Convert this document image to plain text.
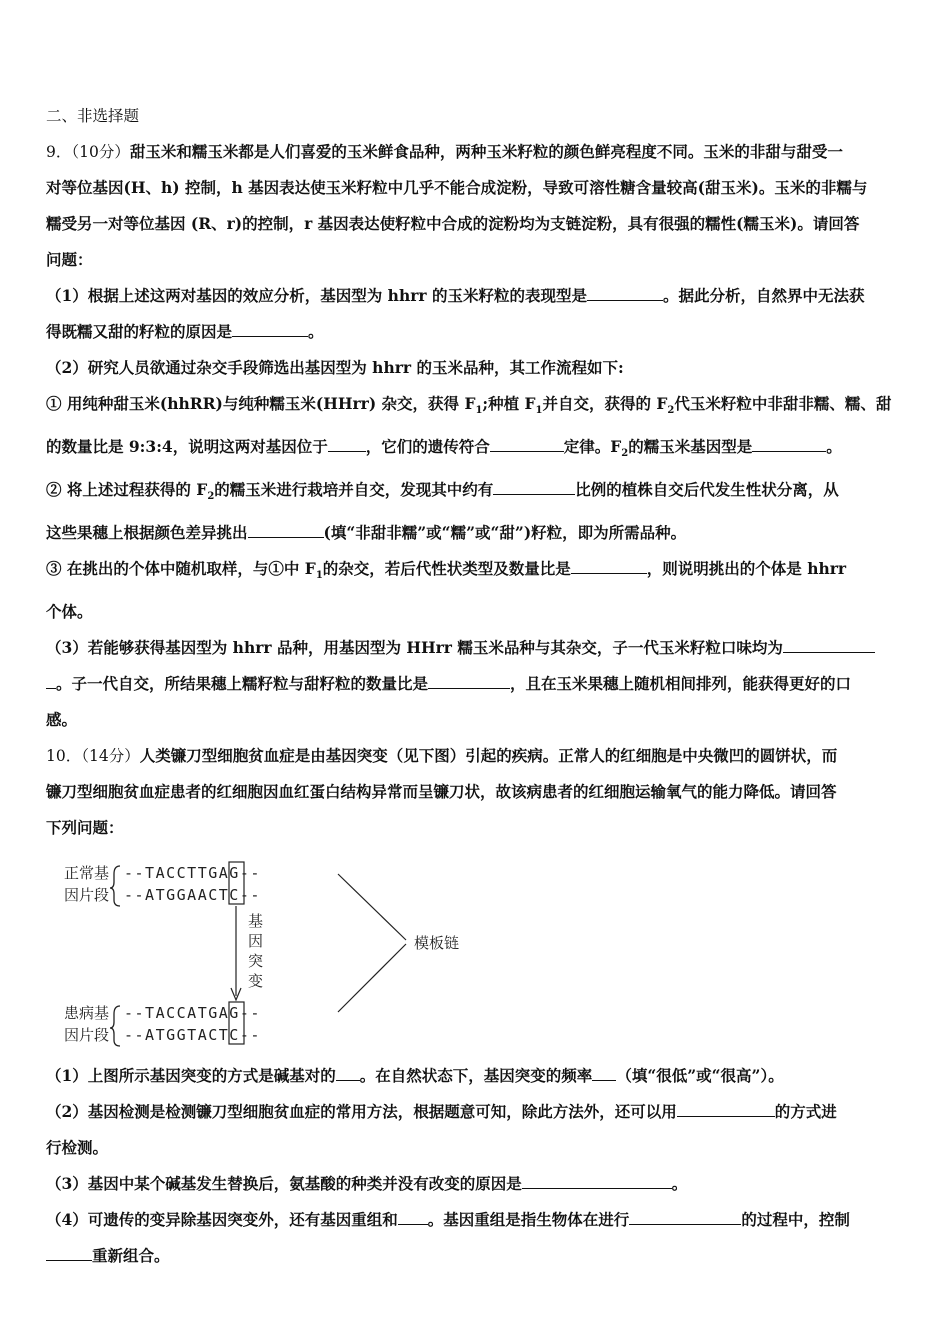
二、非选择题
9．（10分）甜玉米和糯玉米都是人们喜爱的玉米鲜食品种，两种玉米籽粒的颜色鲜亮程度不同。玉米的非甜与甜受一
对等位基因(H、h) 控制，h 基因表达使玉米籽粒中几乎不能合成淀粉，导致可溶性糖含量较高(甜玉米)。玉米的非糯与
糯受另一对等位基因 (R、r)的控制，r 基因表达使籽粒中合成的淀粉均为支链淀粉，具有很强的糯性(糯玉米)。请回答
问题：
（1）根据上述这两对基因的效应分析，基因型为 hhrr 的玉米籽粒的表现型是	。据此分析，自然界中无法获
得既糯又甜的籽粒的原因是	。
（2）研究人员欲通过杂交手段筛选出基因型为 hhrr 的玉米品种，其工作流程如下:
① 用纯种甜玉米(hhRR)与纯种糯玉米(HHrr) 杂交，获得 $F_1$;种植 $F_1$并自交，获得的 $F_2$代玉米籽粒中非甜非糯、糯、甜
的数量比是 9:3:4，说明这两对基因位于 ，它们的遗传符合	定律。$F_2$的糯玉米基因型是	。
② 将上述过程获得的 $F_2$的糯玉米进行栽培并自交，发现其中约有	比例的植株自交后代发生性状分离，从
这些果穗上根据颜色差异挑出	(填“非甜非糯”或“糯”或“甜”)籽粒，即为所需品种。
③ 在挑出的个体中随机取样，与①中 $F_1$的杂交，若后代性状类型及数量比是	，则说明挑出的个体是 hhrr
个体。
（3）若能够获得基因型为 hhrr 品种，用基因型为 HHrr 糯玉米品种与其杂交，子一代玉米籽粒口味均为
。子一代自交，所结果穗上糯籽粒与甜籽粒的数量比是	，且在玉米果穗上随机相间排列，能获得更好的口
感。
10．（14分）人类镰刀型细胞贫血症是由基因突变（见下图）引起的疾病。正常人的红细胞是中央微凹的圆饼状，而
镰刀型细胞贫血症患者的红细胞因血红蛋白结构异常而呈镰刀状，故该病患者的红细胞运输氧气的能力降低。请回答
下列问题：
正常基
因片段
患病基
因片段
模板链
--TACCTTGAG--
--ATGGAACTC--
--TACCATGAG--
--ATGGTACTC--
基
因
突
变
（1）上图所示基因突变的方式是碱基对的 。在自然状态下，基因突变的频率 （填“很低”或“很高”）。
（2）基因检测是检测镰刀型细胞贫血症的常用方法，根据题意可知，除此方法外，还可以用	的方式进
行检测。
（3）基因中某个碱基发生替换后，氨基酸的种类并没有改变的原因是	。
（4）可遗传的变异除基因突变外，还有基因重组和 。基因重组是指生物体在进行	的过程中，控制
重新组合。
